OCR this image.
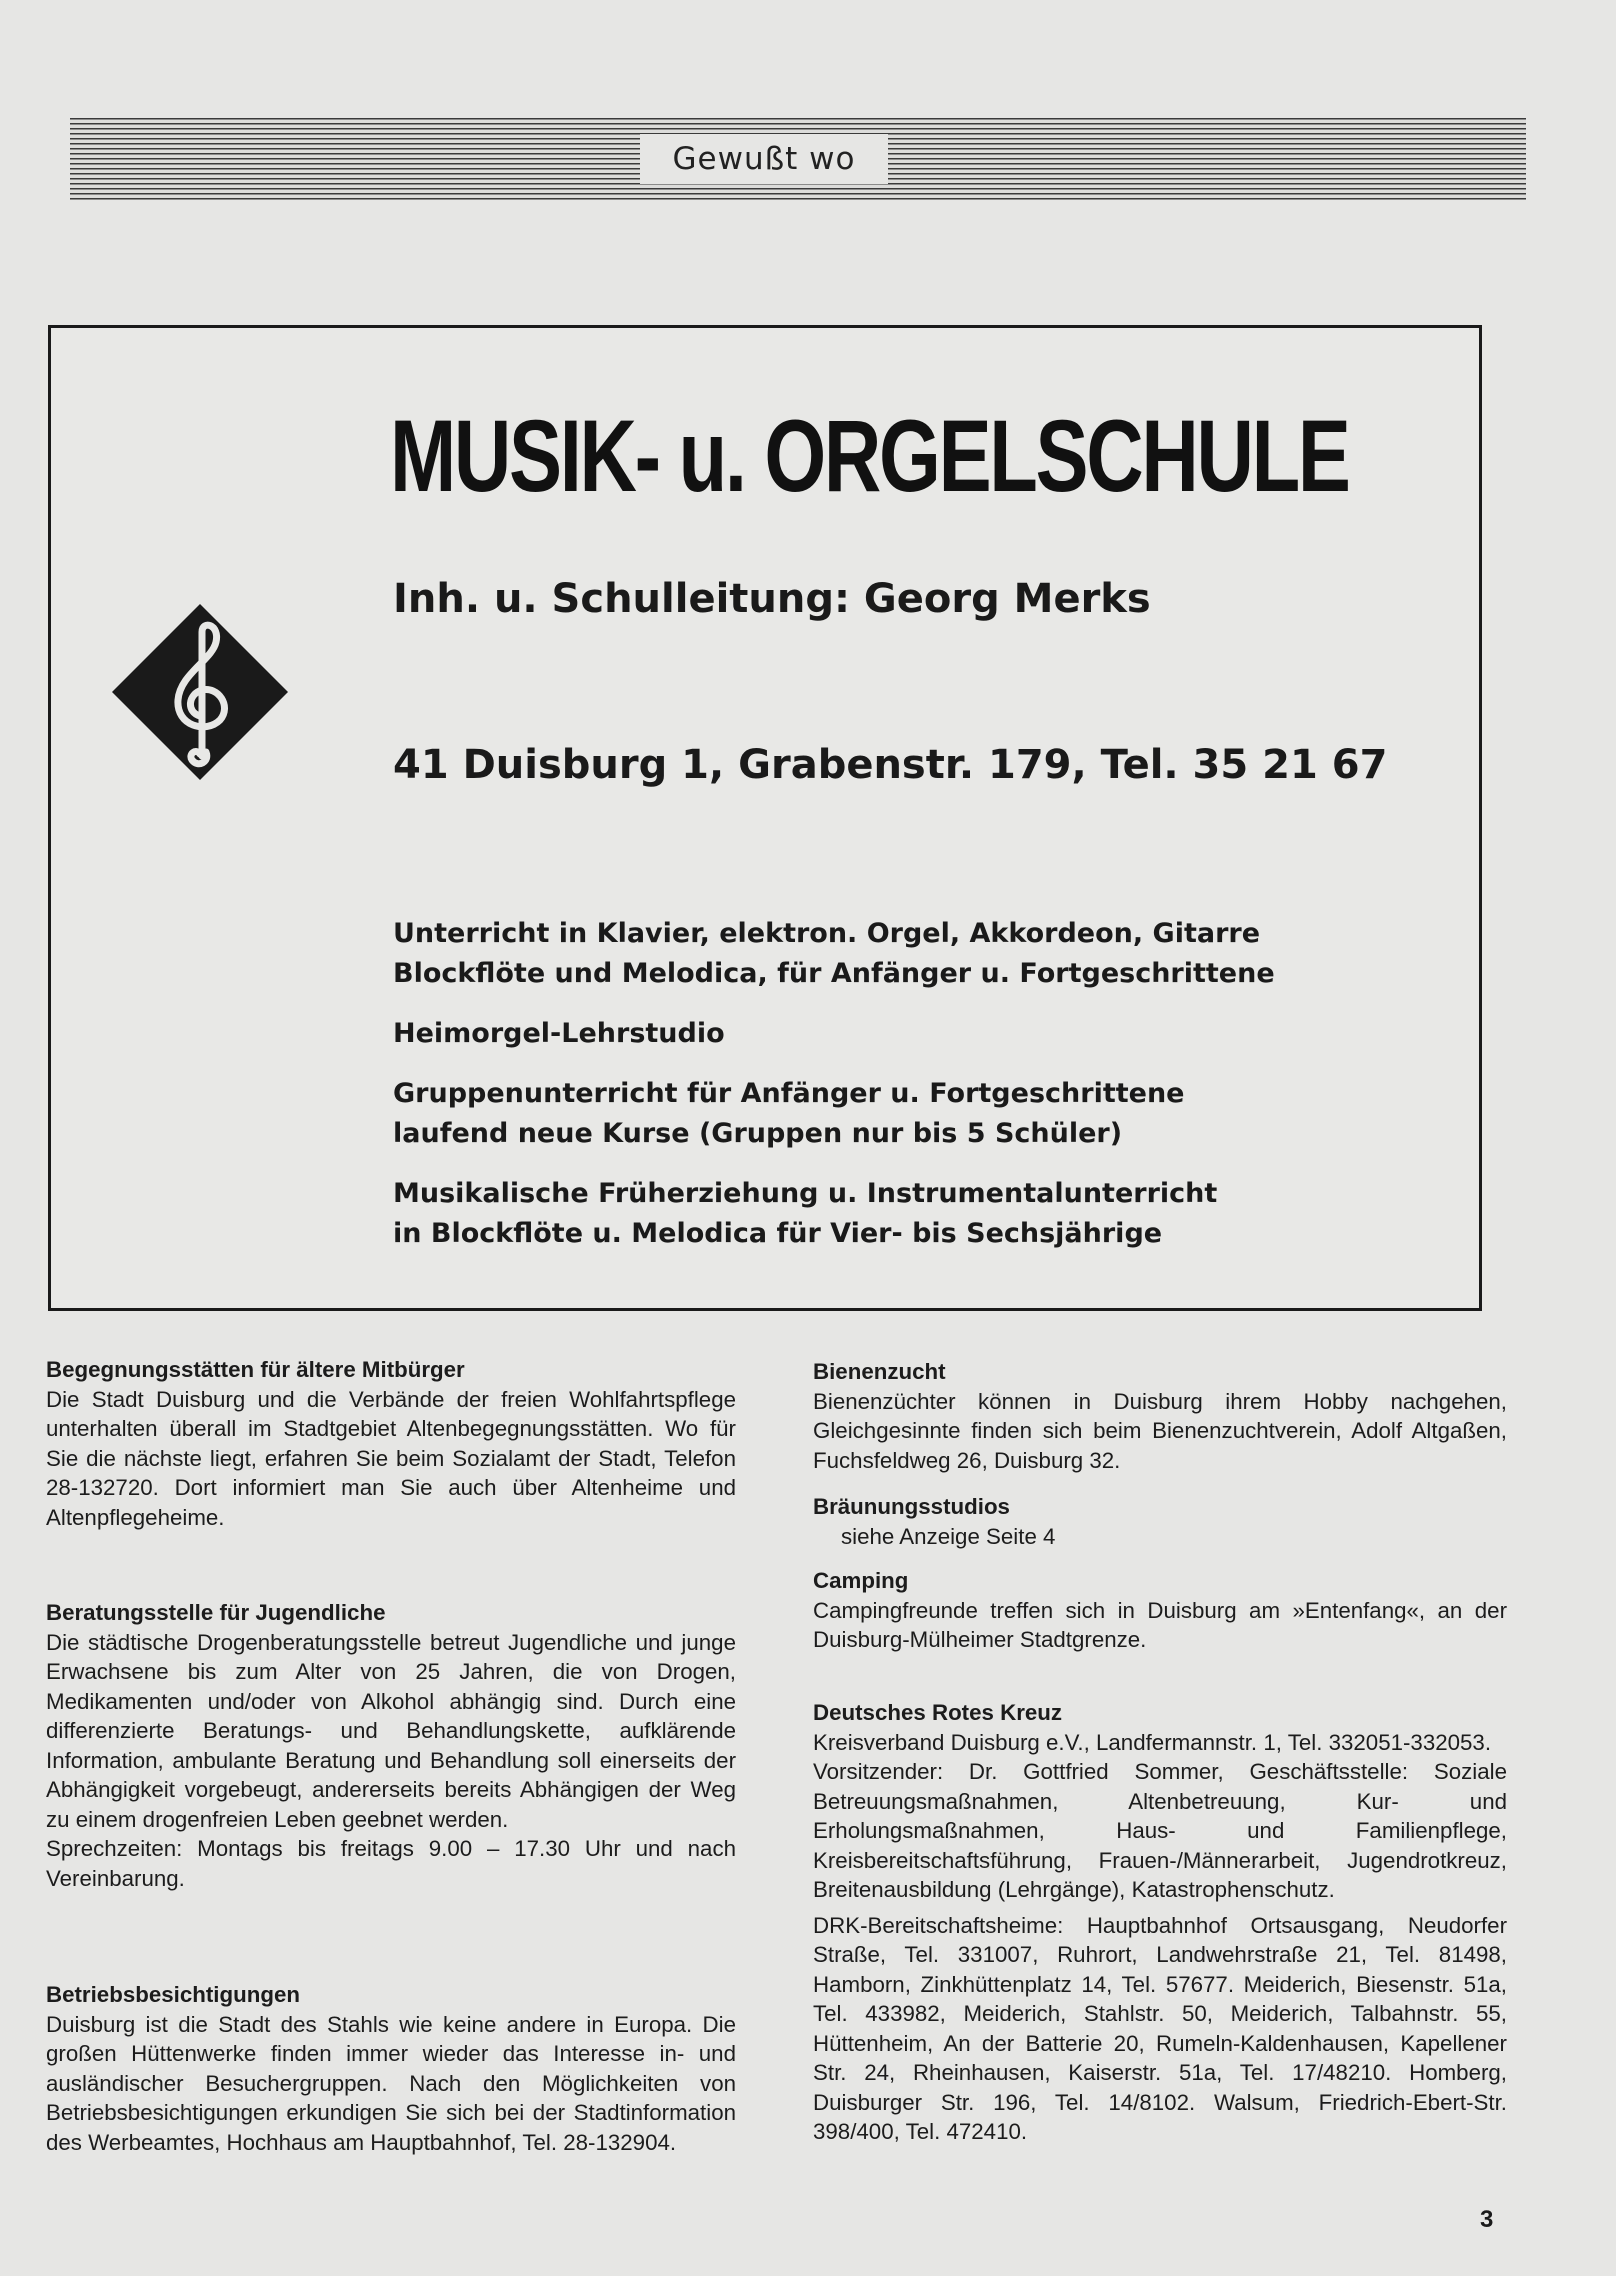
Gewußt wo
MUSIK- u. ORGELSCHULE
Inh. u. Schulleitung: Georg Merks
41 Duisburg 1, Grabenstr. 179, Tel. 35 21 67
Unterricht in Klavier, elektron. Orgel, Akkordeon, Gitarre
Blockflöte und Melodica, für Anfänger u. Fortgeschrittene
Heimorgel-Lehrstudio
Gruppenunterricht für Anfänger u. Fortgeschrittene
laufend neue Kurse (Gruppen nur bis 5 Schüler)
Musikalische Früherziehung u. Instrumentalunterricht
in Blockflöte u. Melodica für Vier- bis Sechsjährige
Begegnungsstätten für ältere Mitbürger
Die Stadt Duisburg und die Verbände der freien Wohlfahrtspflege unterhalten überall im Stadtgebiet Altenbegegnungsstätten. Wo für Sie die nächste liegt, erfahren Sie beim Sozialamt der Stadt, Telefon 28-132720. Dort informiert man Sie auch über Altenheime und Altenpflegeheime.
Beratungsstelle für Jugendliche
Die städtische Drogenberatungsstelle betreut Jugendliche und junge Erwachsene bis zum Alter von 25 Jahren, die von Drogen, Medikamenten und/oder von Alkohol abhängig sind. Durch eine differenzierte Beratungs- und Behandlungskette, aufklärende Information, ambulante Beratung und Behandlung soll einerseits der Abhängigkeit vorgebeugt, andererseits bereits Abhängigen der Weg zu einem drogenfreien Leben geebnet werden.
Sprechzeiten: Montags bis freitags 9.00 – 17.30 Uhr und nach Vereinbarung.
Betriebsbesichtigungen
Duisburg ist die Stadt des Stahls wie keine andere in Europa. Die großen Hüttenwerke finden immer wieder das Interesse in- und ausländischer Besuchergruppen. Nach den Möglichkeiten von Betriebsbesichtigungen erkundigen Sie sich bei der Stadtinformation des Werbeamtes, Hochhaus am Hauptbahnhof, Tel. 28-132904.
Bienenzucht
Bienenzüchter können in Duisburg ihrem Hobby nachgehen, Gleichgesinnte finden sich beim Bienenzuchtverein, Adolf Altgaßen, Fuchsfeldweg 26, Duisburg 32.
Bräunungsstudios
siehe Anzeige Seite 4
Camping
Campingfreunde treffen sich in Duisburg am »Entenfang«, an der Duisburg-Mülheimer Stadtgrenze.
Deutsches Rotes Kreuz
Kreisverband Duisburg e.V., Landfermannstr. 1, Tel. 332051-332053.
Vorsitzender: Dr. Gottfried Sommer, Geschäftsstelle: Soziale Betreuungsmaßnahmen, Altenbetreuung, Kur- und Erholungsmaßnahmen, Haus- und Familienpflege, Kreisbereitschaftsführung, Frauen-/Männerarbeit, Jugendrotkreuz, Breitenausbildung (Lehrgänge), Katastrophenschutz.
DRK-Bereitschaftsheime: Hauptbahnhof Ortsausgang, Neudorfer Straße, Tel. 331007, Ruhrort, Landwehrstraße 21, Tel. 81498, Hamborn, Zinkhüttenplatz 14, Tel. 57677. Meiderich, Biesenstr. 51a, Tel. 433982, Meiderich, Stahlstr. 50, Meiderich, Talbahnstr. 55, Hüttenheim, An der Batterie 20, Rumeln-Kaldenhausen, Kapellener Str. 24, Rheinhausen, Kaiserstr. 51a, Tel. 17/48210. Homberg, Duisburger Str. 196, Tel. 14/8102. Walsum, Friedrich-Ebert-Str. 398/400, Tel. 472410.
3
